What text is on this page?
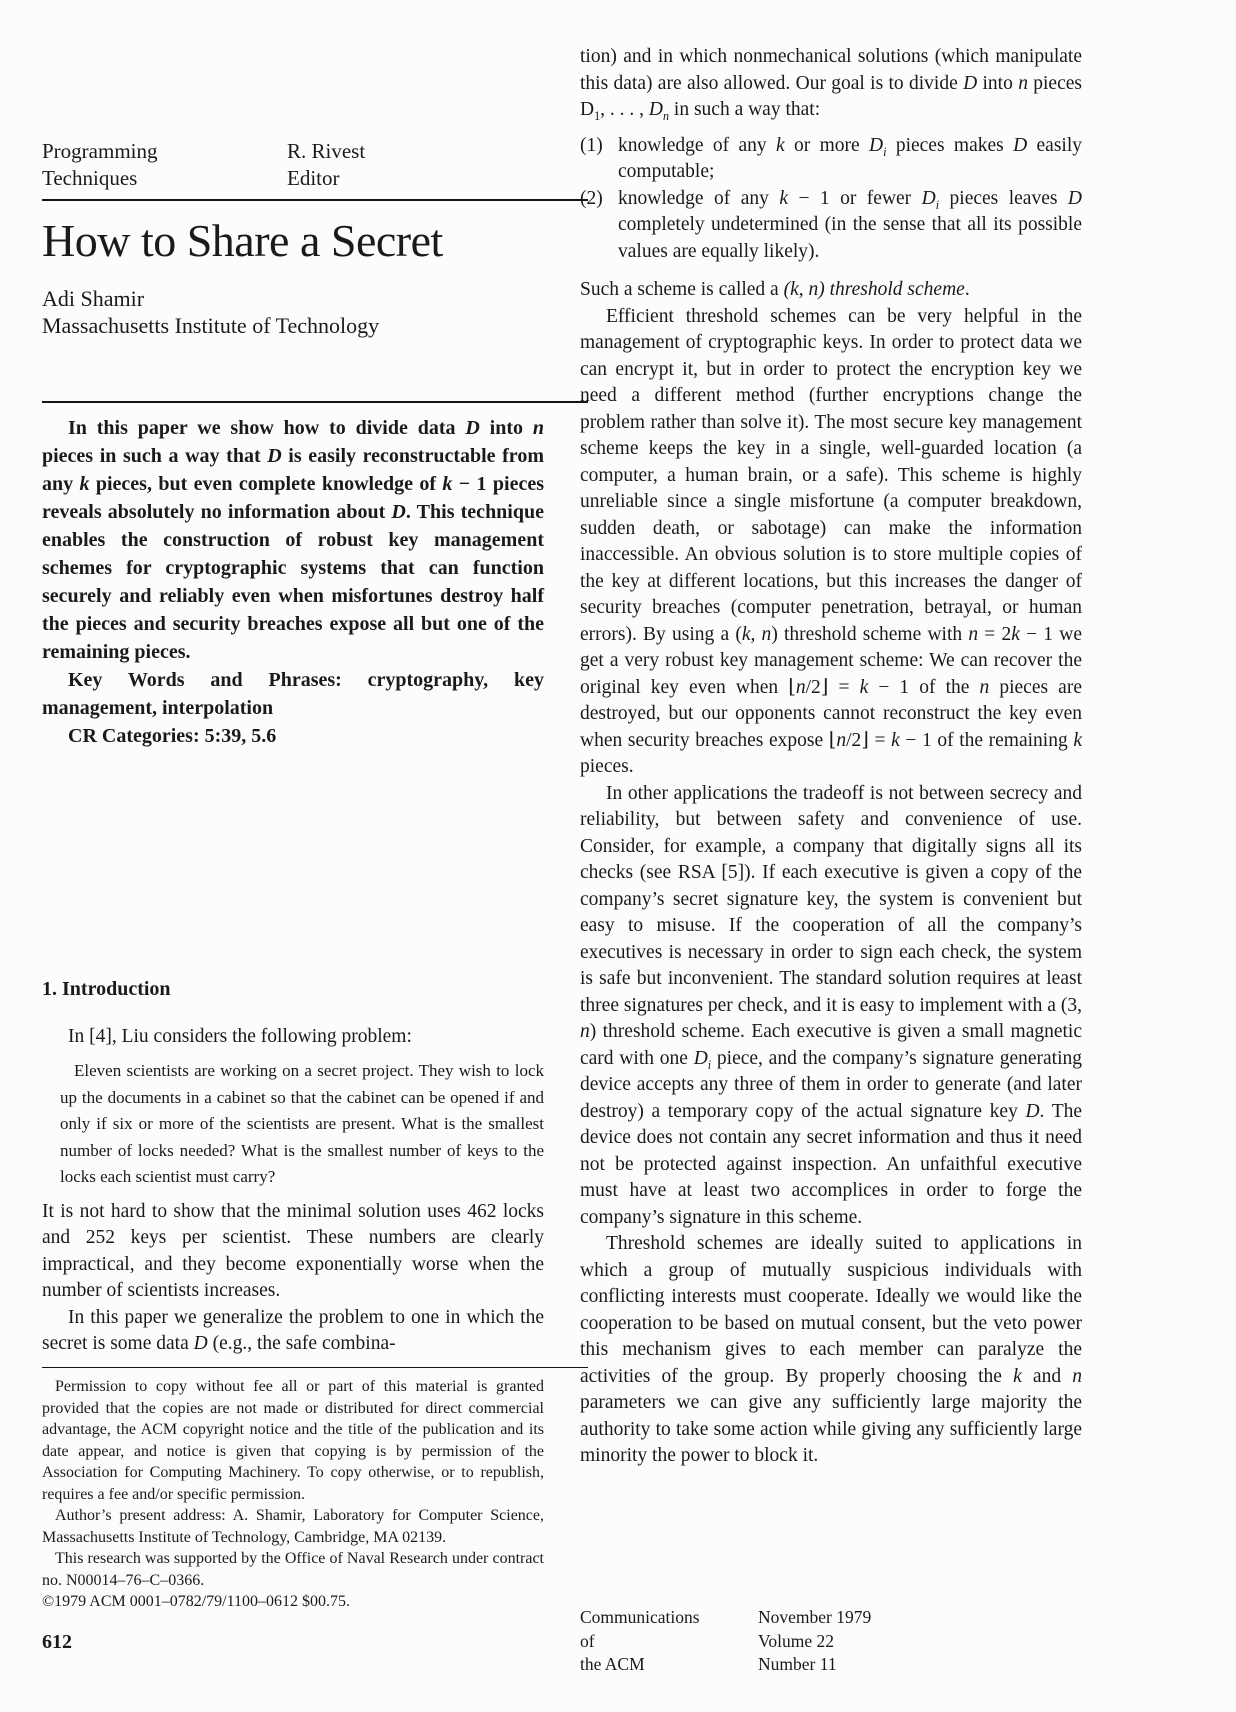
Programming
Techniques
R. Rivest
Editor
How to Share a Secret
Adi Shamir
Massachusetts Institute of Technology

In this paper we show how to divide data D into n pieces in such a way that D is easily reconstructable from any k pieces, but even complete knowledge of k − 1 pieces reveals absolutely no information about D. This technique enables the construction of robust key management schemes for cryptographic systems that can function securely and reliably even when misfortunes destroy half the pieces and security breaches expose all but one of the remaining pieces.

Key Words and Phrases: cryptography, key management, interpolation

CR Categories: 5:39, 5.6

1. Introduction

In [4], Liu considers the following problem:

Eleven scientists are working on a secret project. They wish to lock up the documents in a cabinet so that the cabinet can be opened if and only if six or more of the scientists are present. What is the smallest number of locks needed? What is the smallest number of keys to the locks each scientist must carry?

It is not hard to show that the minimal solution uses 462 locks and 252 keys per scientist. These numbers are clearly impractical, and they become exponentially worse when the number of scientists increases.

In this paper we generalize the problem to one in which the secret is some data D (e.g., the safe combina-

Permission to copy without fee all or part of this material is granted provided that the copies are not made or distributed for direct commercial advantage, the ACM copyright notice and the title of the publication and its date appear, and notice is given that copying is by permission of the Association for Computing Machinery. To copy otherwise, or to republish, requires a fee and/or specific permission.

Author’s present address: A. Shamir, Laboratory for Computer Science, Massachusetts Institute of Technology, Cambridge, MA 02139.

This research was supported by the Office of Naval Research under contract no. N00014–76–C–0366.

©1979 ACM 0001–0782/79/1100–0612 $00.75.

612

tion) and in which nonmechanical solutions (which manipulate this data) are also allowed. Our goal is to divide D into n pieces $D_1$, . . . , $D_n$ in such a way that:

(1) knowledge of any k or more $D_i$ pieces makes D easily computable;
(2) knowledge of any k − 1 or fewer $D_i$ pieces leaves D completely undetermined (in the sense that all its possible values are equally likely).

Such a scheme is called a (k, n) threshold scheme.

Efficient threshold schemes can be very helpful in the management of cryptographic keys. In order to protect data we can encrypt it, but in order to protect the encryption key we need a different method (further encryptions change the problem rather than solve it). The most secure key management scheme keeps the key in a single, well-guarded location (a computer, a human brain, or a safe). This scheme is highly unreliable since a single misfortune (a computer breakdown, sudden death, or sabotage) can make the information inaccessible. An obvious solution is to store multiple copies of the key at different locations, but this increases the danger of security breaches (computer penetration, betrayal, or human errors). By using a (k, n) threshold scheme with n = 2k − 1 we get a very robust key management scheme: We can recover the original key even when ⌊n/2⌋ = k − 1 of the n pieces are destroyed, but our opponents cannot reconstruct the key even when security breaches expose ⌊n/2⌋ = k − 1 of the remaining k pieces.

In other applications the tradeoff is not between secrecy and reliability, but between safety and convenience of use. Consider, for example, a company that digitally signs all its checks (see RSA [5]). If each executive is given a copy of the company’s secret signature key, the system is convenient but easy to misuse. If the cooperation of all the company’s executives is necessary in order to sign each check, the system is safe but inconvenient. The standard solution requires at least three signatures per check, and it is easy to implement with a (3, n) threshold scheme. Each executive is given a small magnetic card with one $D_i$ piece, and the company’s signature generating device accepts any three of them in order to generate (and later destroy) a temporary copy of the actual signature key D. The device does not contain any secret information and thus it need not be protected against inspection. An unfaithful executive must have at least two accomplices in order to forge the company’s signature in this scheme.

Threshold schemes are ideally suited to applications in which a group of mutually suspicious individuals with conflicting interests must cooperate. Ideally we would like the cooperation to be based on mutual consent, but the veto power this mechanism gives to each member can paralyze the activities of the group. By properly choosing the k and n parameters we can give any sufficiently large majority the authority to take some action while giving any sufficiently large minority the power to block it.

Communications
of
the ACM
November 1979
Volume 22
Number 11
